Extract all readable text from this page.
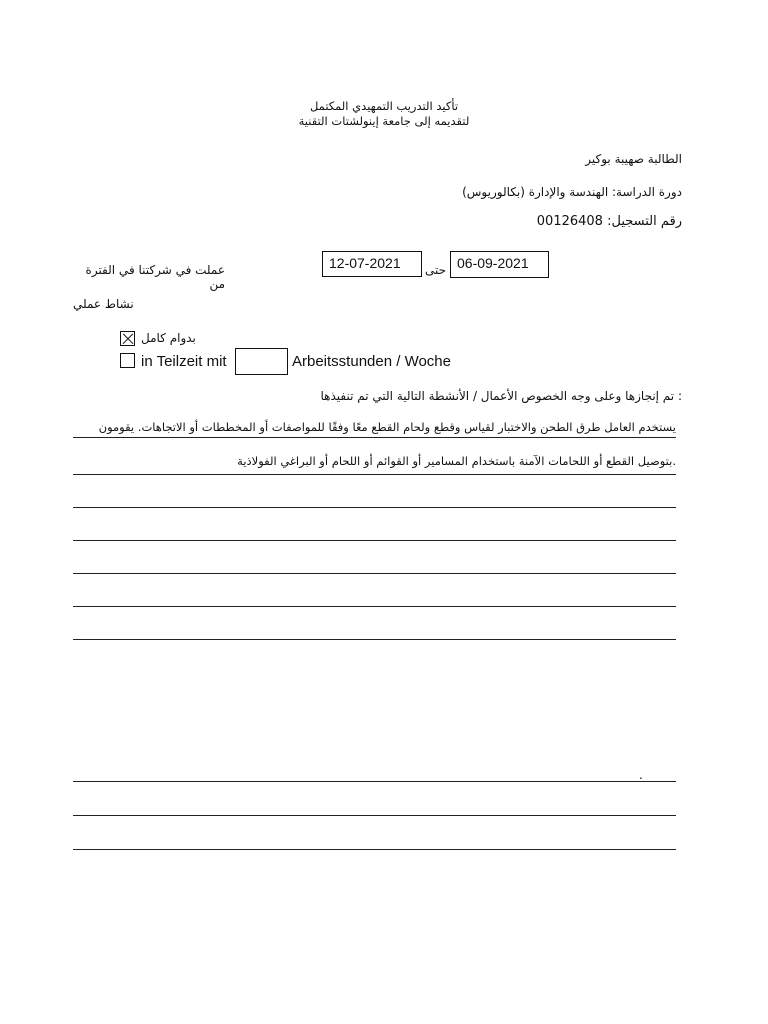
تأكيد التدريب التمهيدي المكتمل
لتقديمه إلى جامعة إينولشتات التقنية
الطالبة صهيبة بوكير
دورة الدراسة: الهندسة والإدارة (بكالوريوس)
00126408 :رقم التسجيل
عملت في شركتنا في الفترة من
12-07-2021	حتى 06-09-2021
نشاط عملي
بدوام كامل
in Teilzeit mit	Arbeitsstunden / Woche
: تم إنجازها وعلى وجه الخصوص الأعمال / الأنشطة التالية التي تم تنفيذها
يستخدم العامل طرق الطحن والاختبار لقياس وقطع ولحام القطع معًا وفقًا للمواصفات أو المخططات أو الاتجاهات. يقومون
.بتوصيل القطع أو اللحامات الآمنة باستخدام المسامير أو القوائم أو اللحام أو البراغي الفولاذية
.
